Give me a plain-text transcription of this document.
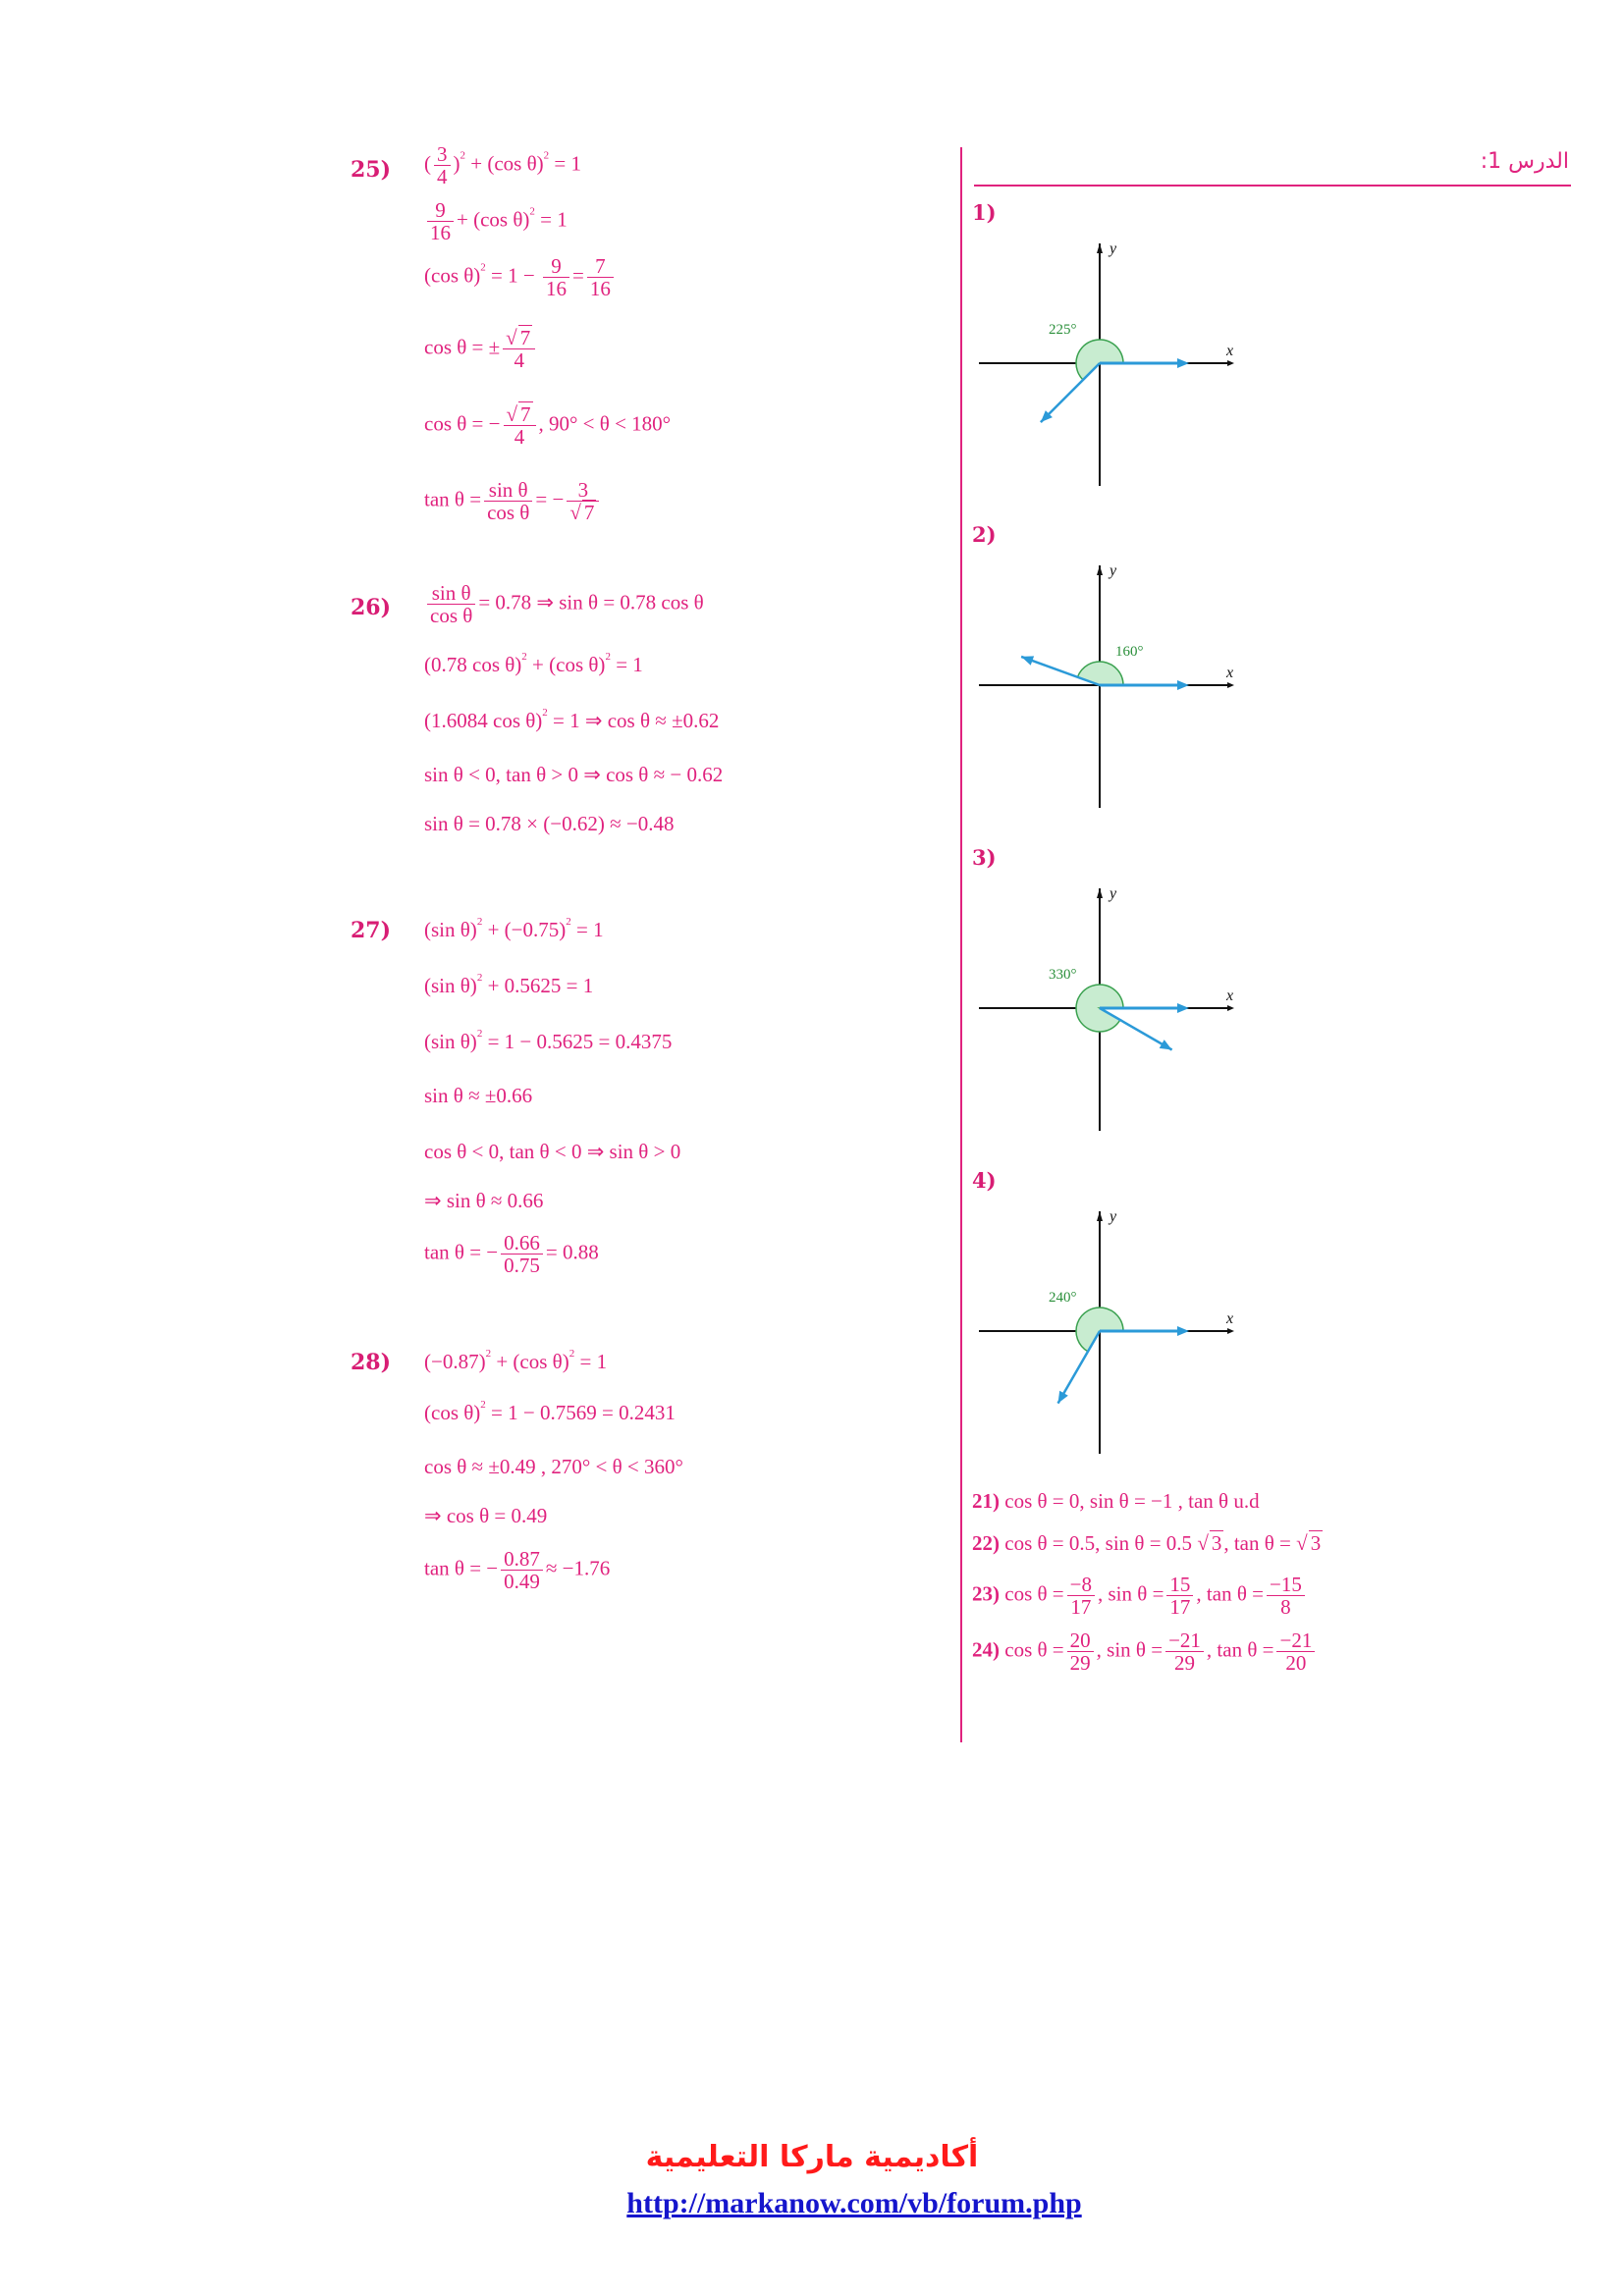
الدرس 1:
25) ( $\frac{3}{4} )^2 + (\cos$ θ)$^2$ = 1
$\frac{9}{16} + (\cos$ θ)$^2$ = 1
(cos $\theta)^2 = 1 - \frac{9}{16} = \frac{7}{16}$
cos θ = ± $\frac{√ 7}{4}$
cos θ = − $\frac{√ 7}{4}$ , 90° < θ < 180°
$\tan \theta = \frac{\text{sin θ}}{\text{cos θ}}$ = − $\frac{3}{√ 7}$
$26) \frac{\text{sin θ}}{\text{cos θ}} = 0.78$ ⇒ sin θ = 0.78 cos θ
(0.78 cos θ)$^2$ + (cos θ)$^2$ = 1
(1.6084 cos θ)$^2$ = 1 ⇒ cos θ ≈ ±0.62
sin θ < 0, tan θ > 0 ⇒ cos θ ≈ − 0.62
sin θ = 0.78 × (−0.62) ≈ −0.48
27) (sin $\theta)^2 + (-0.75)^2 = 1$
(sin θ)$^2$ + 0.5625 = 1
(sin θ)$^2$ = 1 − 0.5625 = 0.4375
sin θ ≈ ±0.66
cos θ < 0, tan θ < 0 ⇒ sin θ > 0
⇒ sin θ ≈ 0.66
tan θ = − $\frac{0.66}{0.75} = 0.88$
28) $(-0.87)^2 + (\cos$ θ)$^2$ = 1
(cos θ)$^2$ = 1 − 0.7569 = 0.2431
cos θ ≈ ±0.49 , 270° < θ < 360°
⇒ cos θ = 0.49
tan θ = − $\frac{0.87}{0.49} \approx -1.76$
1)
2)
3)
4)
x
y
225°
x
y
160°
x
y
330°
x
y
240°
21) cos θ = 0, sin θ = −1 , tan θ u.d
22) cos θ = 0.5, sin θ = 0.5 √ 3, tan θ = √ 3
23) $\cos \theta = \frac{-8}{17}$ , $\sin \theta = \frac{15}{17}$ , $\tan \theta = \frac{-15}{8}$
24) $\cos \theta = \frac{20}{29}$ , $\sin \theta = \frac{-21}{29}$ , $\tan \theta = \frac{-21}{20}$
أكاديمية ماركا التعليمية
http://markanow.com/vb/forum.php
